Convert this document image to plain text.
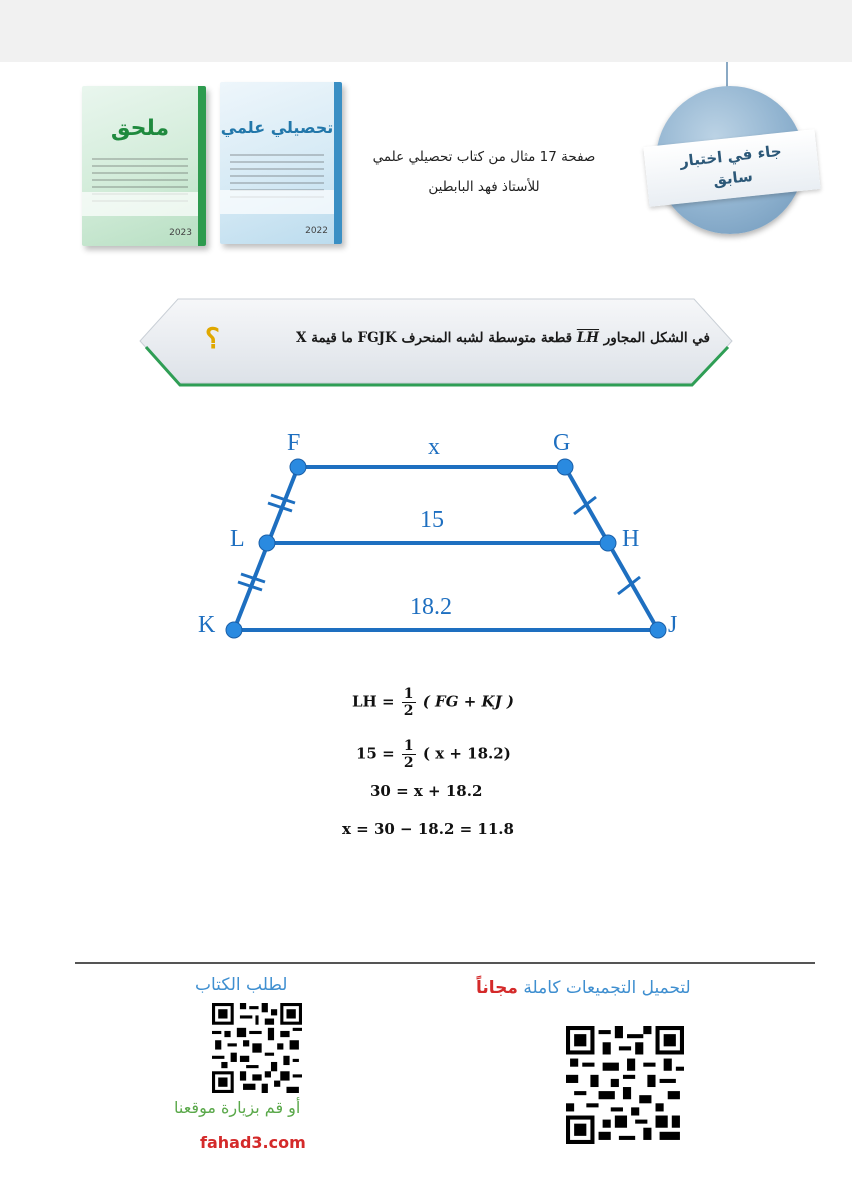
ملحق
2023
تحصيلي علمي
2022
صفحة 17 مثال من كتاب تحصيلي علمي
للأستاذ فهد البابطين
جاء في اختبار
سابق
في الشكل المجاور $\overline{LH}$ قطعة متوسطة لشبه المنحرف FGJK ما قيمة X
؟
F	G
L	H
K	J
x
15
18.2
LH = $\frac{1}{2}$ ( FG + KJ )
$15 = \frac{1}{2}$ ( x + 18.2)
30 = x + 18.2
x = 30 − 18.2 = 11.8
لطلب الكتاب
أو قم بزيارة موقعنا
fahad3.com
لتحميل التجميعات كاملة مجاناً
